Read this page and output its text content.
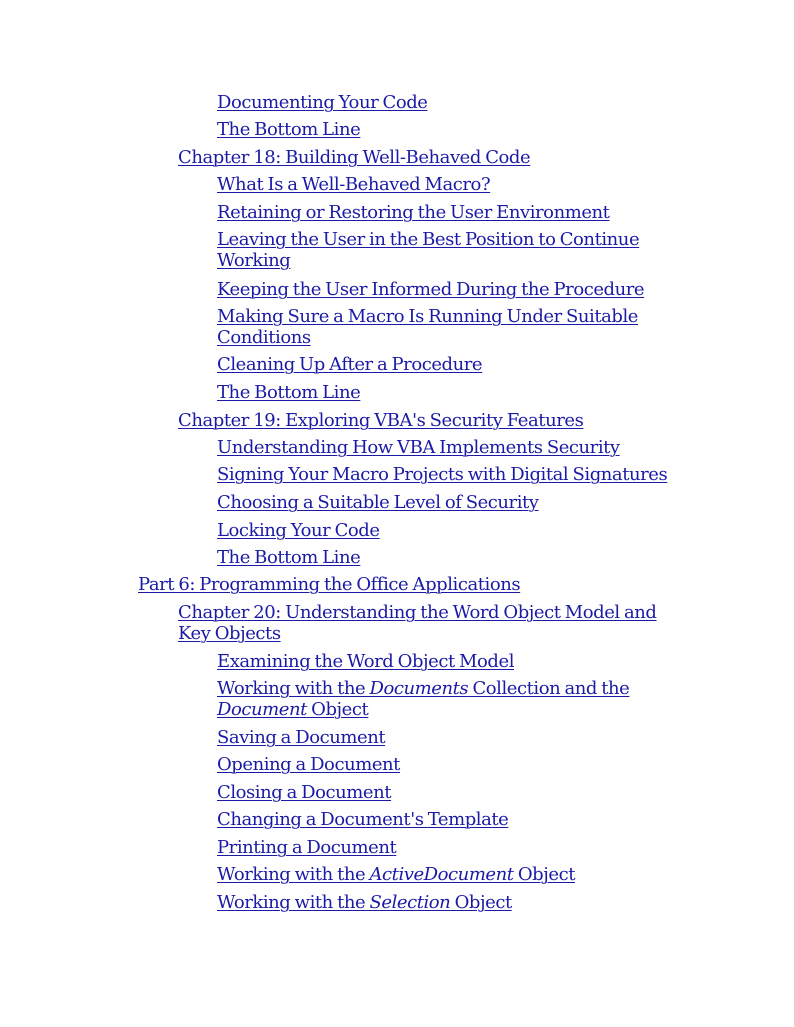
Documenting Your Code
The Bottom Line
Chapter 18: Building Well-Behaved Code
What Is a Well-Behaved Macro?
Retaining or Restoring the User Environment
Leaving the User in the Best Position to Continue Working
Keeping the User Informed During the Procedure
Making Sure a Macro Is Running Under Suitable Conditions
Cleaning Up After a Procedure
The Bottom Line
Chapter 19: Exploring VBA's Security Features
Understanding How VBA Implements Security
Signing Your Macro Projects with Digital Signatures
Choosing a Suitable Level of Security
Locking Your Code
The Bottom Line
Part 6: Programming the Office Applications
Chapter 20: Understanding the Word Object Model and Key Objects
Examining the Word Object Model
Working with the Documents Collection and the Document Object
Saving a Document
Opening a Document
Closing a Document
Changing a Document's Template
Printing a Document
Working with the ActiveDocument Object
Working with the Selection Object
